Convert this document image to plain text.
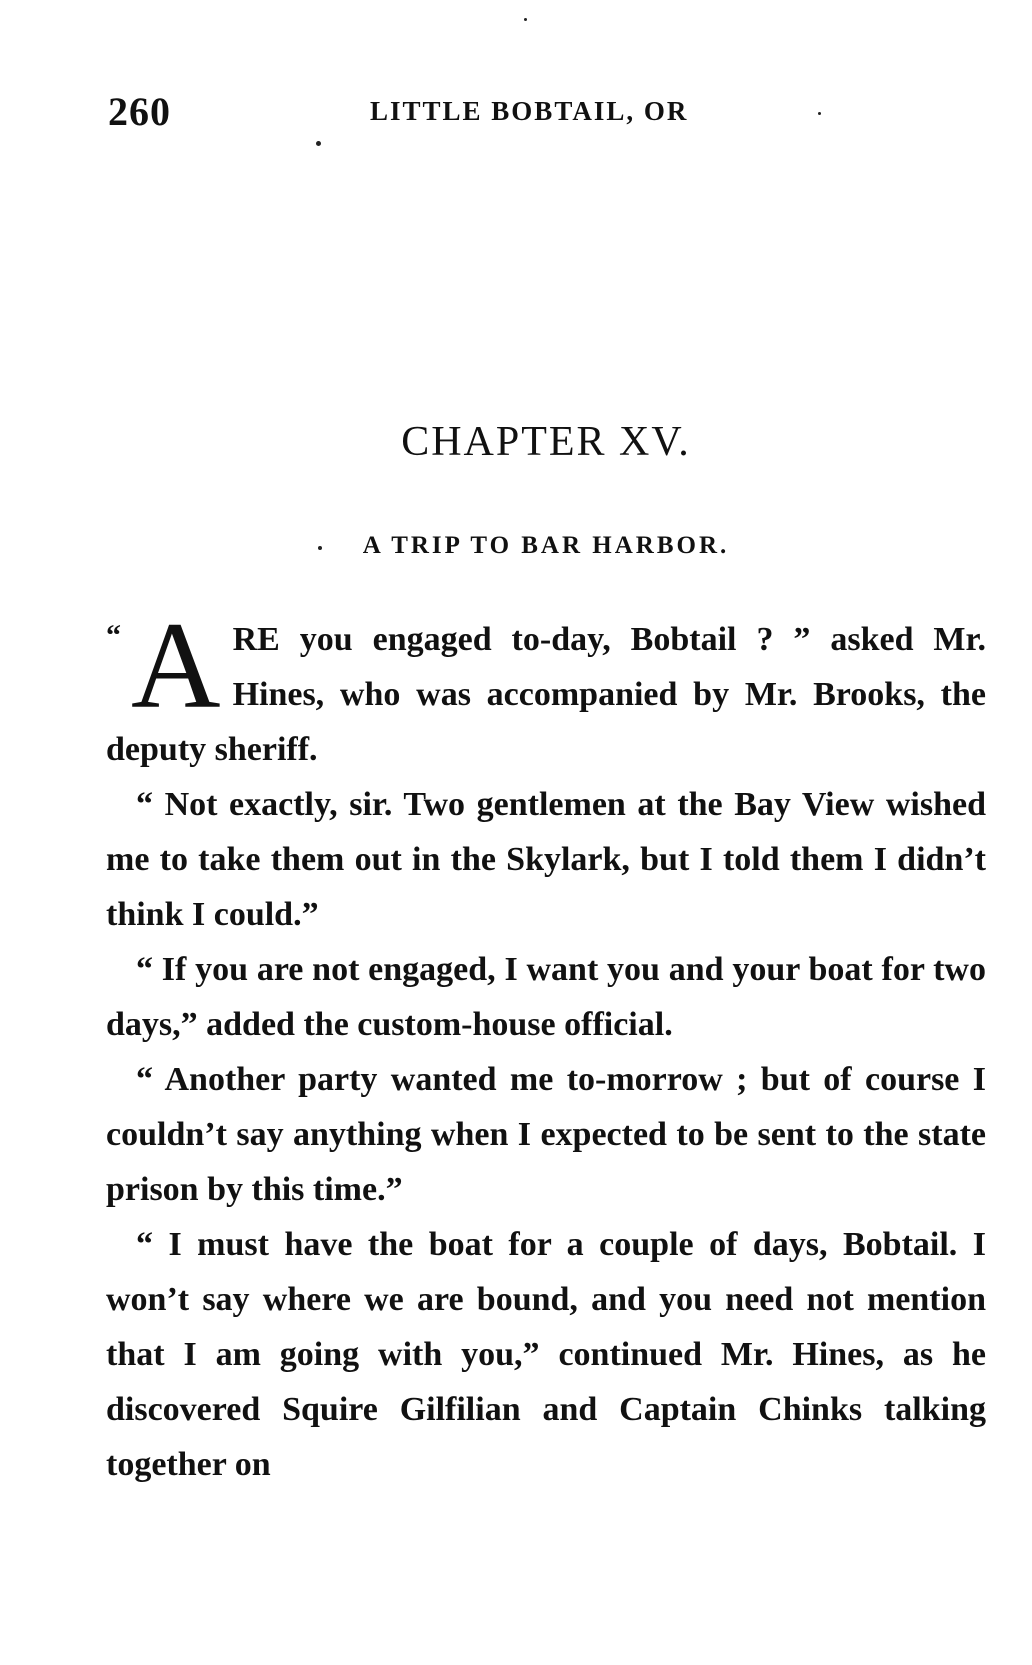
260	LITTLE BOBTAIL, OR
CHAPTER XV.
A TRIP TO BAR HARBOR.

“ A RE you engaged to-day, Bobtail ? ” asked Mr. Hines, who was accompanied by Mr. Brooks, the deputy sheriff.

“ Not exactly, sir. Two gentlemen at the Bay View wished me to take them out in the Skylark, but I told them I didn’t think I could.”

“ If you are not engaged, I want you and your boat for two days,” added the custom-house official.

“ Another party wanted me to-morrow ; but of course I couldn’t say anything when I expected to be sent to the state prison by this time.”

“ I must have the boat for a couple of days, Bobtail. I won’t say where we are bound, and you need not mention that I am going with you,” continued Mr. Hines, as he discovered Squire Gilfilian and Captain Chinks talking together on
